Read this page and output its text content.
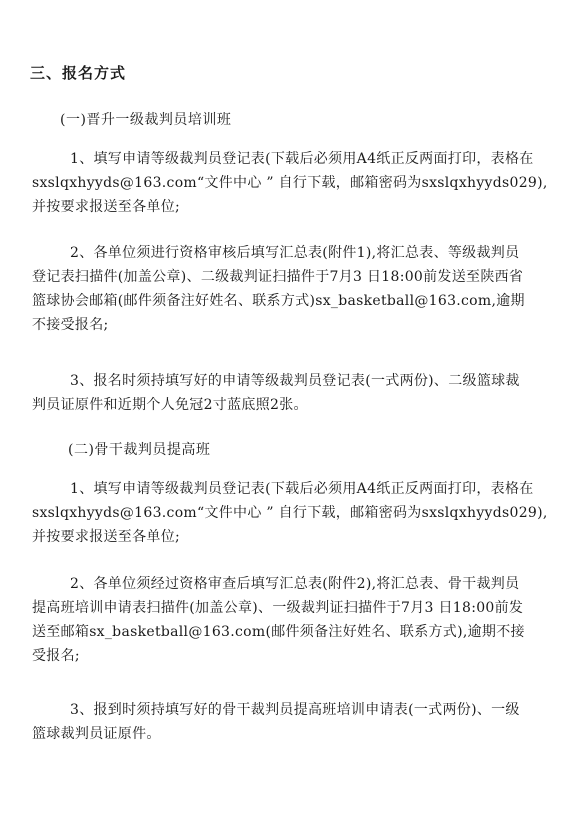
三、报名方式
(一)晋升一级裁判员培训班
1、填写申请等级裁判员登记表(下载后必须用A4纸正反两面打印，表格在
sxslqxhyyds@163.com“文件中心 ” 自行下载，邮箱密码为sxslqxhyyds029),
并按要求报送至各单位;
2、各单位须进行资格审核后填写汇总表(附件1),将汇总表、等级裁判员
登记表扫描件(加盖公章)、二级裁判证扫描件于7月3 日18:00前发送至陕西省
篮球协会邮箱(邮件须备注好姓名、联系方式)sx_basketball@163.com,逾期
不接受报名;
3、报名时须持填写好的申请等级裁判员登记表(一式两份)、二级篮球裁
判员证原件和近期个人免冠2寸蓝底照2张。
(二)骨干裁判员提高班
1、填写申请等级裁判员登记表(下载后必须用A4纸正反两面打印，表格在
sxslqxhyyds@163.com“文件中心 ” 自行下载，邮箱密码为sxslqxhyyds029),
并按要求报送至各单位;
2、各单位须经过资格审查后填写汇总表(附件2),将汇总表、骨干裁判员
提高班培训申请表扫描件(加盖公章)、一级裁判证扫描件于7月3 日18:00前发
送至邮箱sx_basketball@163.com(邮件须备注好姓名、联系方式),逾期不接
受报名;
3、报到时须持填写好的骨干裁判员提高班培训申请表(一式两份)、一级
篮球裁判员证原件。
